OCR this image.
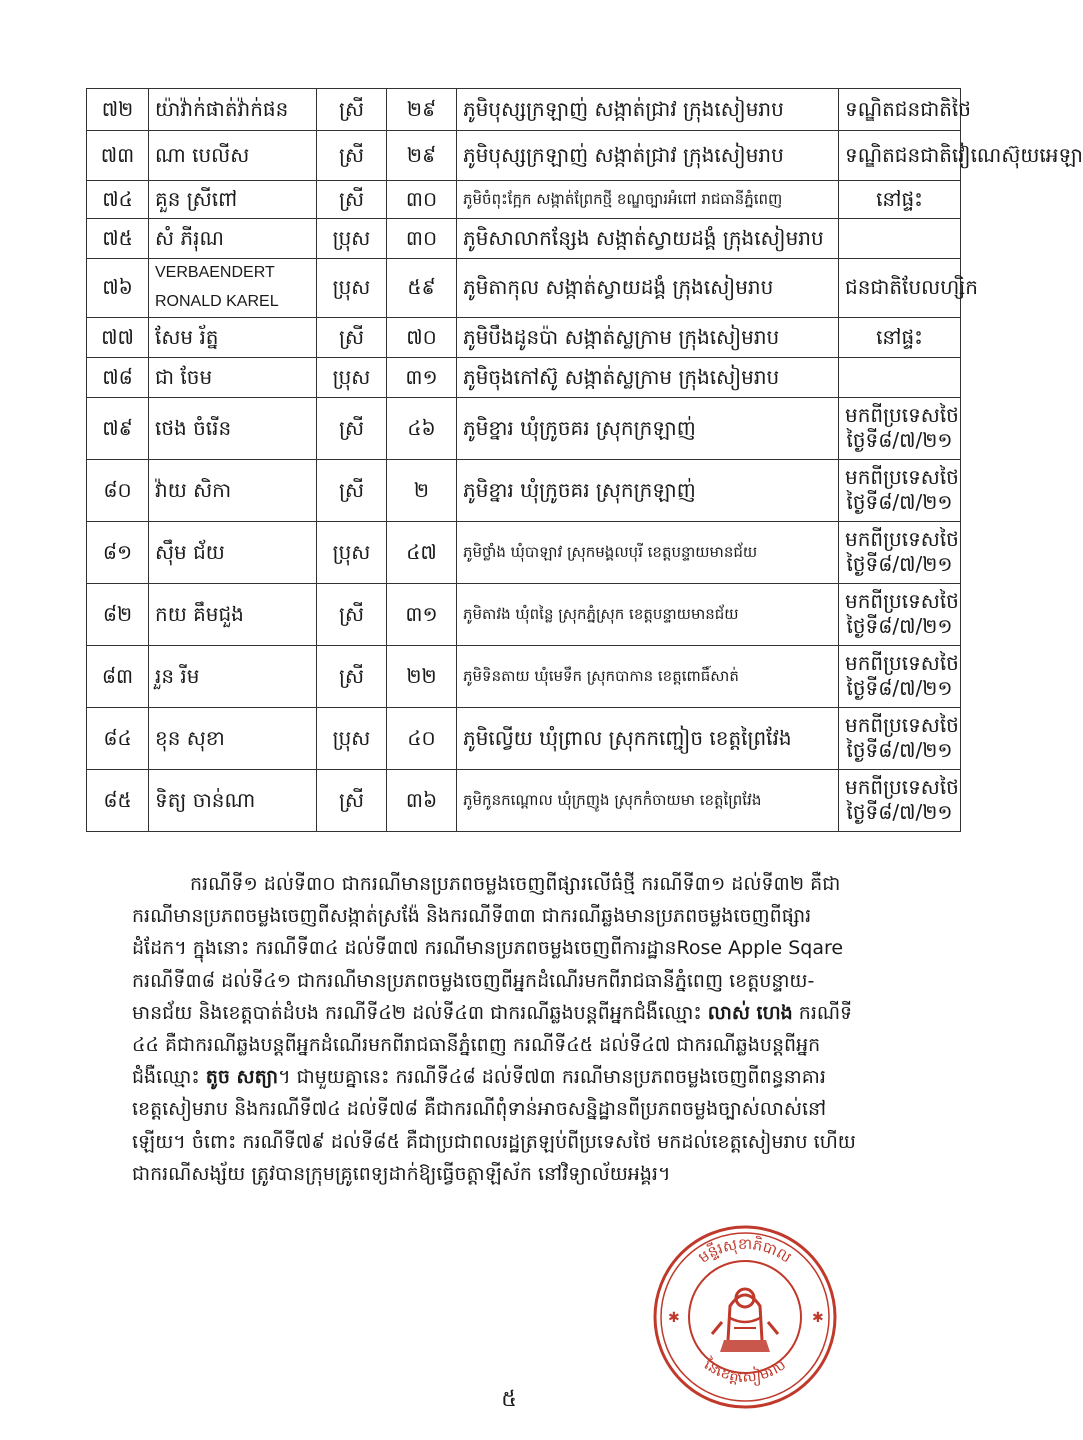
៧២	យ៉ាវ៉ាក់ផាត់វ៉ាក់ផន	ស្រី	២៩	ភូមិបុស្សក្រឡាញ់ សង្កាត់ជ្រាវ ក្រុងសៀមរាប	ទណ្ឌិតជនជាតិថៃ
៧៣	ណា បេលីស	ស្រី	២៩	ភូមិបុស្សក្រឡាញ់ សង្កាត់ជ្រាវ ក្រុងសៀមរាប	ទណ្ឌិតជនជាតិវៀណេស៊ុយអេឡា
៧៤	គួន ស្រីពៅ	ស្រី	៣០	ភូមិចំពុះក្អែក សង្កាត់ព្រែកថ្មី ខណ្ឌច្បារអំពៅ រាជធានីភ្នំពេញ	នៅផ្ទះ
៧៥	សំ ភីរុណ	ប្រុស	៣០	ភូមិសាលាកន្សែង សង្កាត់ស្វាយដង្គំ ក្រុងសៀមរាប	
៧៦	VERBAENDERT
RONALD KAREL	ប្រុស	៥៩	ភូមិតាកុល សង្កាត់ស្វាយដង្គំ ក្រុងសៀមរាប	ជនជាតិបែលហ្សិក
៧៧	សែម រ័ត្ន	ស្រី	៧០	ភូមិបឹងដូនប៉ា សង្កាត់ស្លក្រាម ក្រុងសៀមរាប	នៅផ្ទះ
៧៨	ជា ចែម	ប្រុស	៣១	ភូមិចុងកៅស៊ូ សង្កាត់ស្លក្រាម ក្រុងសៀមរាប	
៧៩	ថេង ចំរើន	ស្រី	៤៦	ភូមិខ្នារ ឃុំក្រូចគរ ស្រុកក្រឡាញ់	មកពីប្រទេសថៃ
ថ្ងៃទី៨/៧/២១
៨០	វ៉ាយ សិកា	ស្រី	២	ភូមិខ្នារ ឃុំក្រូចគរ ស្រុកក្រឡាញ់	មកពីប្រទេសថៃ
ថ្ងៃទី៨/៧/២១
៨១	ស៊ឹម ជ័យ	ប្រុស	៤៧	ភូមិថ្លាំង ឃុំបាឡាវ ស្រុកមង្គលបុរី ខេត្តបន្ទាយមានជ័យ	មកពីប្រទេសថៃ
ថ្ងៃទី៨/៧/២១
៨២	កយ គឹមជួង	ស្រី	៣១	ភូមិតាវង ឃុំពន្លៃ ស្រុកភ្នំស្រុក ខេត្តបន្ទាយមានជ័យ	មកពីប្រទេសថៃ
ថ្ងៃទី៨/៧/២១
៨៣	រួន រីម	ស្រី	២២	ភូមិទិនតាយ ឃុំមេទឹក ស្រុកបាកាន ខេត្តពោធិ៍សាត់	មកពីប្រទេសថៃ
ថ្ងៃទី៨/៧/២១
៨៤	ខុន សុខា	ប្រុស	៤០	ភូមិល្វើយ ឃុំព្រាល ស្រុកកញ្ជៀច ខេត្តព្រៃវែង	មកពីប្រទេសថៃ
ថ្ងៃទី៨/៧/២១
៨៥	ទិត្យ ចាន់ណា	ស្រី	៣៦	ភូមិកូនកណ្តោល ឃុំក្រញូង ស្រុកកំចាយមា ខេត្តព្រៃវែង	មកពីប្រទេសថៃ
ថ្ងៃទី៨/៧/២១
ករណីទី១ ដល់ទី៣០ ជាករណីមានប្រភពចម្លងចេញពីផ្សារលើធំថ្មី ករណីទី៣១ ដល់ទី៣២ គឺជា
ករណីមានប្រភពចម្លងចេញពីសង្កាត់ស្រង៉ែ និងករណីទី៣៣ ជាករណីឆ្លងមានប្រភពចម្លងចេញពីផ្សារ
ដំដែក។ ក្នុងនោះ ករណីទី៣៤ ដល់ទី៣៧ ករណីមានប្រភពចម្លងចេញពីការដ្ឋានRose Apple Sqare
ករណីទី៣៨ ដល់ទី៤១ ជាករណីមានប្រភពចម្លងចេញពីអ្នកដំណើរមកពីរាជធានីភ្នំពេញ ខេត្តបន្ទាយ-
មានជ័យ និងខេត្តបាត់ដំបង ករណីទី៤២ ដល់ទី៤៣ ជាករណីឆ្លងបន្តពីអ្នកជំងឺឈ្មោះ លាស់ ហេង ករណីទី
៤៤ គឺជាករណីឆ្លងបន្តពីអ្នកដំណើរមកពីរាជធានីភ្នំពេញ ករណីទី៤៥ ដល់ទី៤៧ ជាករណីឆ្លងបន្តពីអ្នក
ជំងឺឈ្មោះ តូច សត្យា។ ជាមួយគ្នានេះ ករណីទី៤៨ ដល់ទី៧៣ ករណីមានប្រភពចម្លងចេញពីពន្ធនាគារ
ខេត្តសៀមរាប និងករណីទី៧៤ ដល់ទី៧៨ គឺជាករណីពុំទាន់អាចសន្និដ្ឋានពីប្រភពចម្លងច្បាស់លាស់នៅ
ឡើយ។ ចំពោះ ករណីទី៧៩ ដល់ទី៨៥ គឺជាប្រជាពលរដ្ឋត្រឡប់ពីប្រទេសថៃ មកដល់ខេត្តសៀមរាប ហើយ
ជាករណីសង្ស័យ ត្រូវបានក្រុមគ្រូពេទ្យដាក់ឱ្យធ្វើចត្តាឡីស័ក នៅវិទ្យាល័យអង្គរ។
មន្ទីរសុខាភិបាល
នៃខេត្តសៀមរាប
✱	✱
៥
